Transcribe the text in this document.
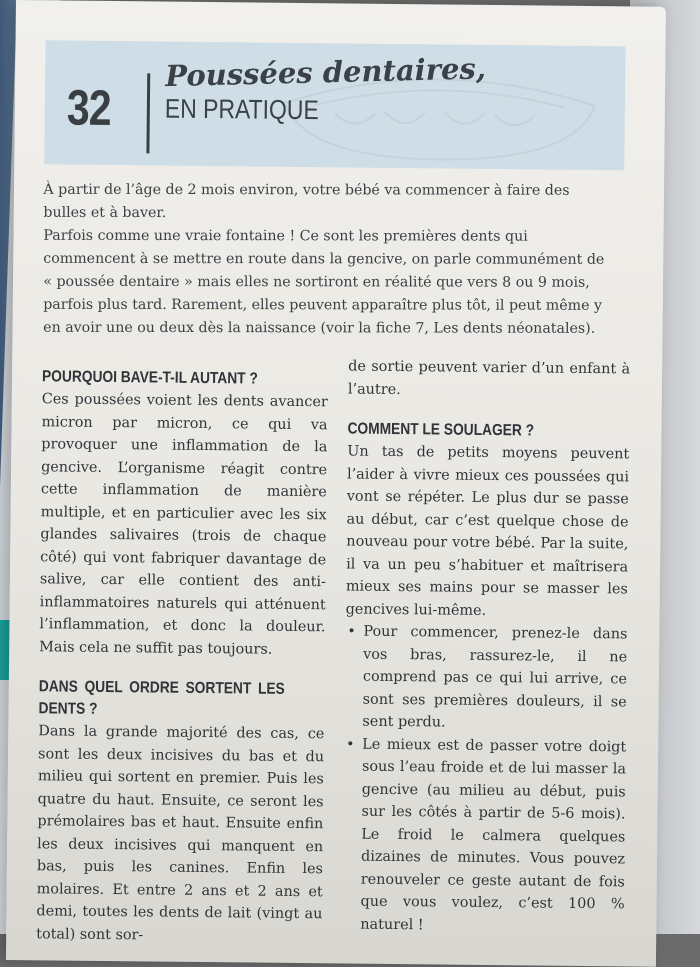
32
Poussées dentaires,
EN PRATIQUE

À partir de l’âge de 2 mois environ, votre bébé va commencer à faire des bulles et à baver.

Parfois comme une vraie fontaine ! Ce sont les premières dents qui commencent à se mettre en route dans la gencive, on parle communément de « poussée dentaire » mais elles ne sortiront en réalité que vers 8 ou 9 mois, parfois plus tard. Rarement, elles peuvent apparaître plus tôt, il peut même y en avoir une ou deux dès la naissance (voir la fiche 7, Les dents néonatales).

POURQUOI BAVE-T-IL AUTANT ?

Ces poussées voient les dents avancer micron par micron, ce qui va provoquer une inflammation de la gencive. L’organisme réagit contre cette inflammation de manière multiple, et en particulier avec les six glandes salivaires (trois de chaque côté) qui vont fabriquer davantage de salive, car elle contient des anti-inflammatoires naturels qui atténuent l’inflammation, et donc la douleur. Mais cela ne suffit pas toujours.

DANS QUEL ORDRE SORTENT LES DENTS ?

Dans la grande majorité des cas, ce sont les deux incisives du bas et du milieu qui sortent en premier. Puis les quatre du haut. Ensuite, ce seront les prémolaires bas et haut. Ensuite enfin les deux incisives qui manquent en bas, puis les canines. Enfin les molaires. Et entre 2 ans et 2 ans et demi, toutes les dents de lait (vingt au total) sont sor-

de sortie peuvent varier d’un enfant à l’autre.

COMMENT LE SOULAGER ?

Un tas de petits moyens peuvent l’aider à vivre mieux ces poussées qui vont se répéter. Le plus dur se passe au début, car c’est quelque chose de nouveau pour votre bébé. Par la suite, il va un peu s’habituer et maîtrisera mieux ses mains pour se masser les gencives lui-même.

• Pour commencer, prenez-le dans vos bras, rassurez-le, il ne comprend pas ce qui lui arrive, ce sont ses premières douleurs, il se sent perdu.
• Le mieux est de passer votre doigt sous l’eau froide et de lui masser la gencive (au milieu au début, puis sur les côtés à partir de 5-6 mois). Le froid le calmera quelques dizaines de minutes. Vous pouvez renouveler ce geste autant de fois que vous voulez, c’est 100 % naturel !
